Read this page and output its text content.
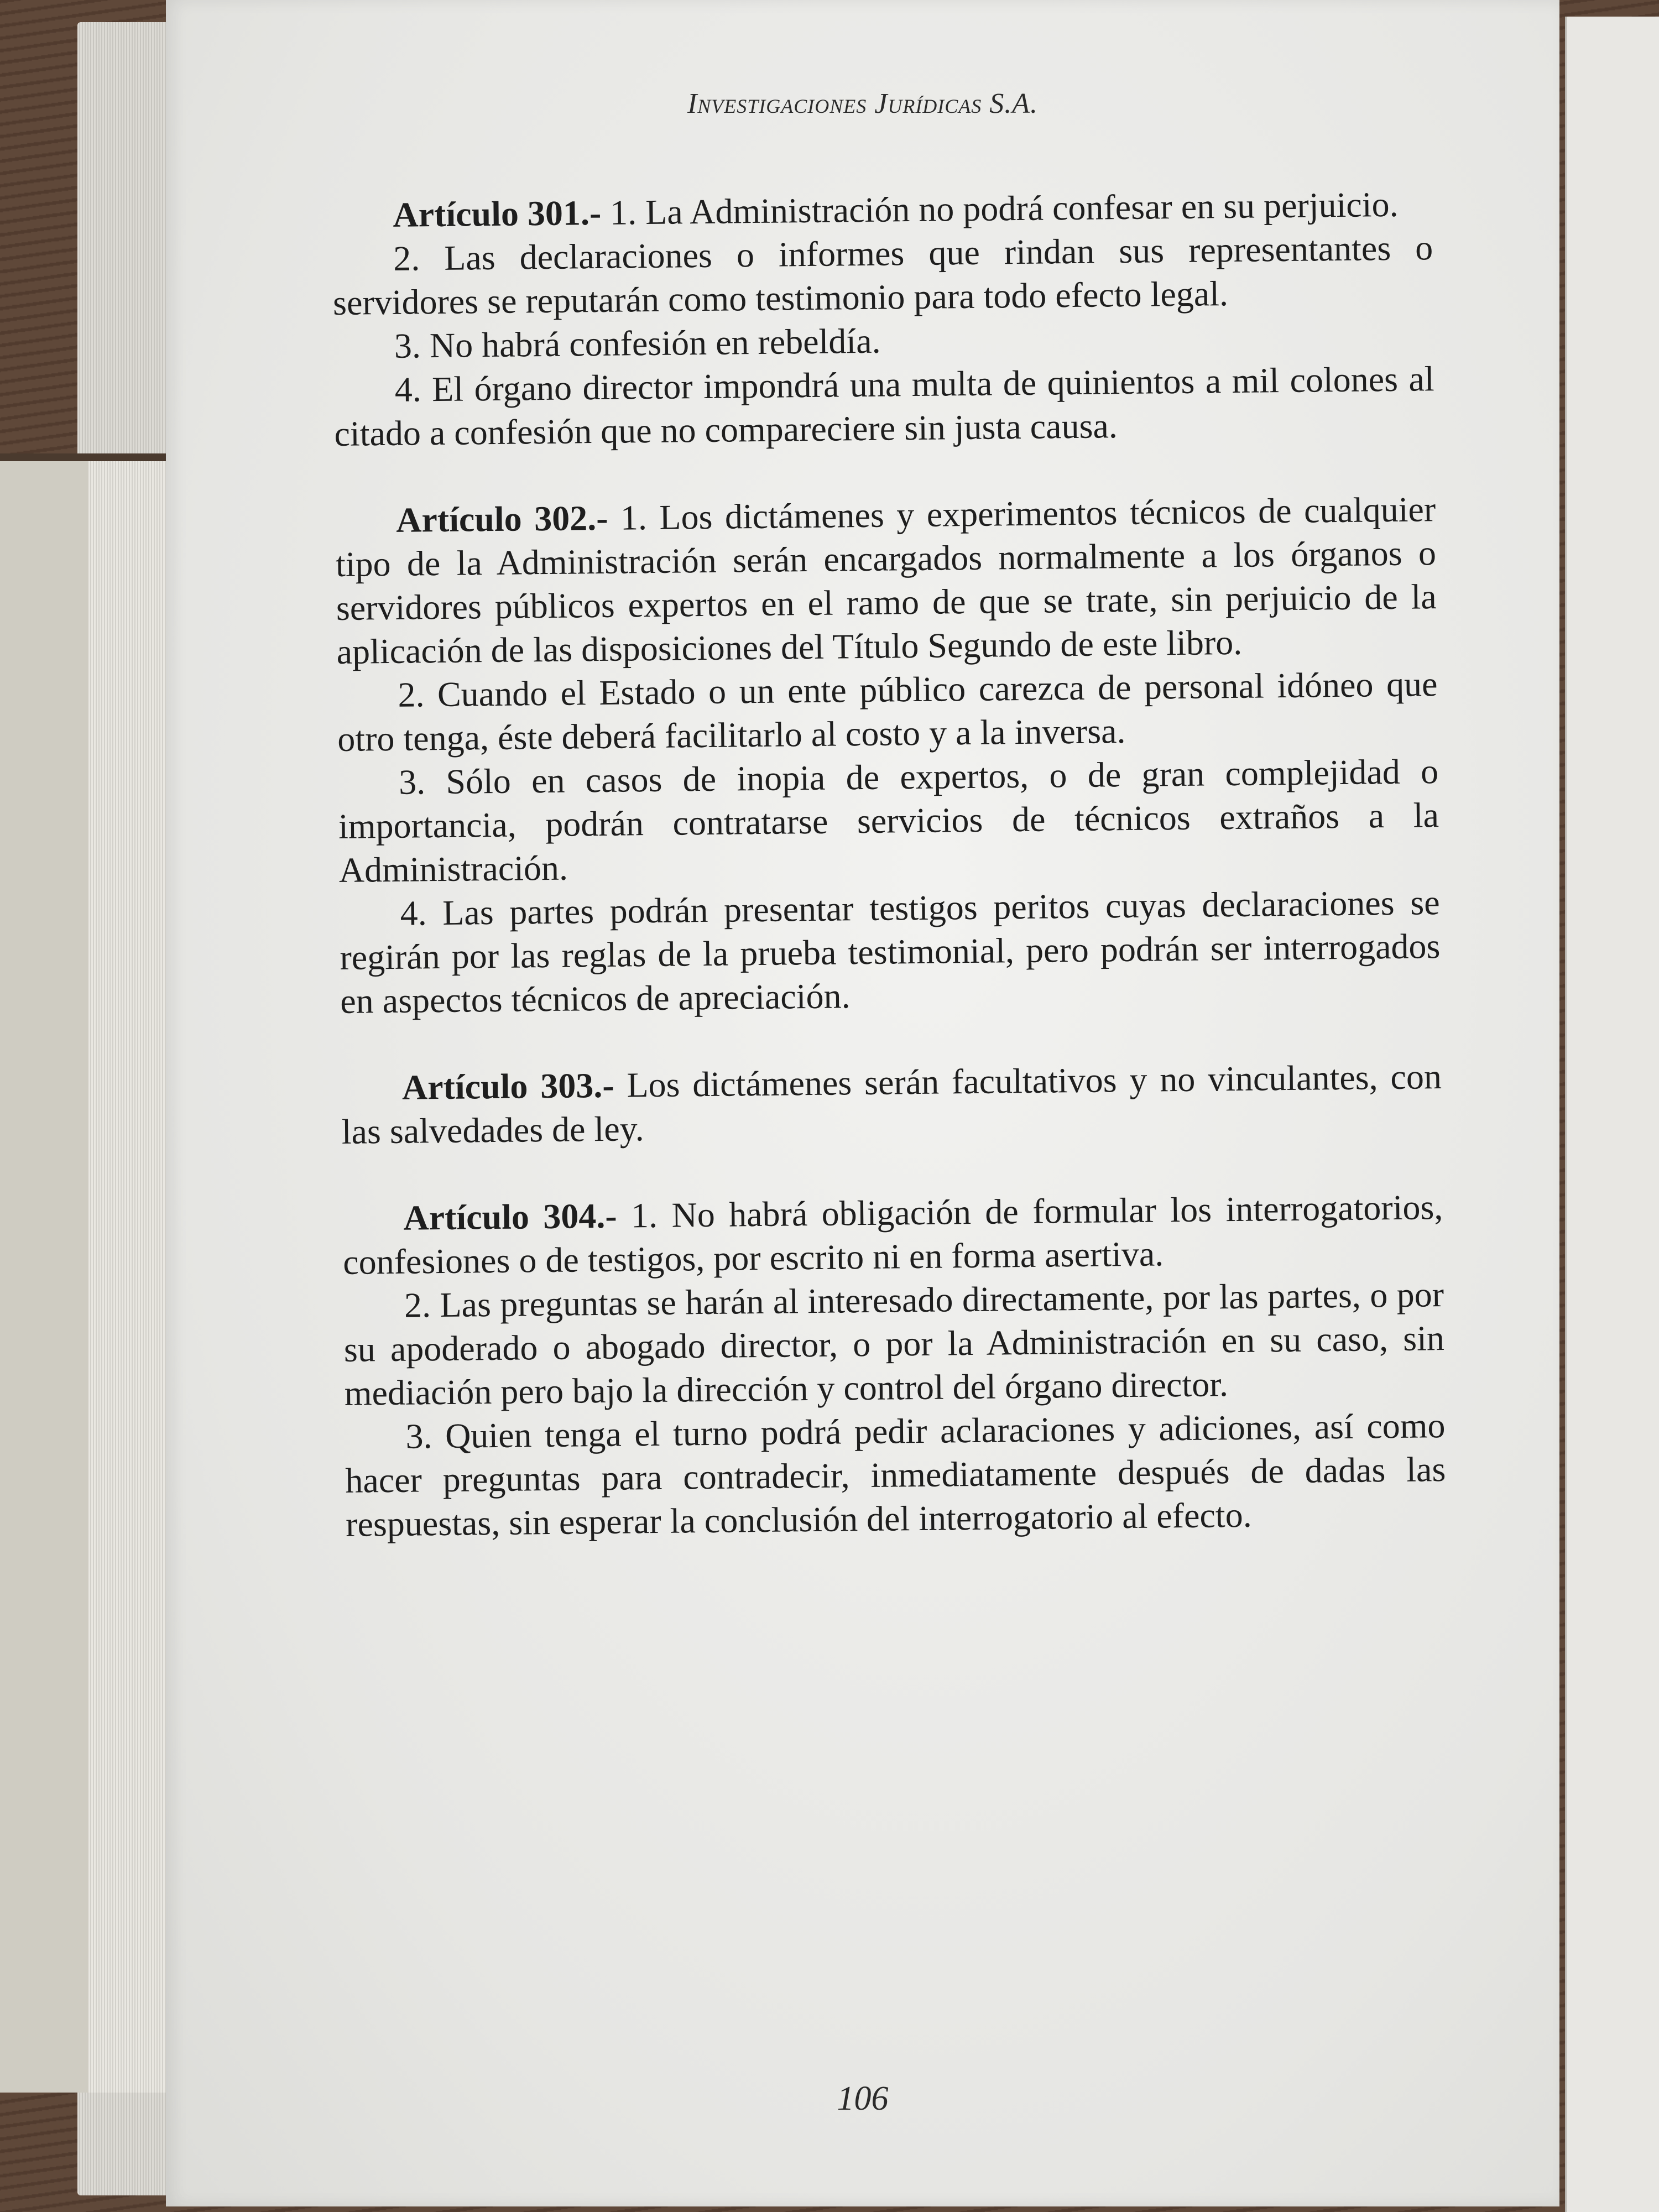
Investigaciones Jurídicas S.A.

Artículo 301.- 1. La Administración no podrá confesar en su perjuicio.

2. Las declaraciones o informes que rindan sus representantes o servidores se reputarán como testimonio para todo efecto legal.

3. No habrá confesión en rebeldía.

4. El órgano director impondrá una multa de quinientos a mil colones al citado a confesión que no compareciere sin justa causa.

Artículo 302.- 1. Los dictámenes y experimentos técnicos de cualquier tipo de la Administración serán encargados normalmente a los órganos o servidores públicos expertos en el ramo de que se trate, sin perjuicio de la aplicación de las disposiciones del Título Segundo de este libro.

2. Cuando el Estado o un ente público carezca de personal idóneo que otro tenga, éste deberá facilitarlo al costo y a la inversa.

3. Sólo en casos de inopia de expertos, o de gran complejidad o importancia, podrán contratarse servicios de técnicos extraños a la Administración.

4. Las partes podrán presentar testigos peritos cuyas declaraciones se regirán por las reglas de la prueba testimonial, pero podrán ser interrogados en aspectos técnicos de apreciación.

Artículo 303.- Los dictámenes serán facultativos y no vinculantes, con las salvedades de ley.

Artículo 304.- 1. No habrá obligación de formular los interrogatorios, confesiones o de testigos, por escrito ni en forma asertiva.

2. Las preguntas se harán al interesado directamente, por las partes, o por su apoderado o abogado director, o por la Administración en su caso, sin mediación pero bajo la dirección y control del órgano director.

3. Quien tenga el turno podrá pedir aclaraciones y adiciones, así como hacer preguntas para contradecir, inmediatamente después de dadas las respuestas, sin esperar la conclusión del interrogatorio al efecto.

106
